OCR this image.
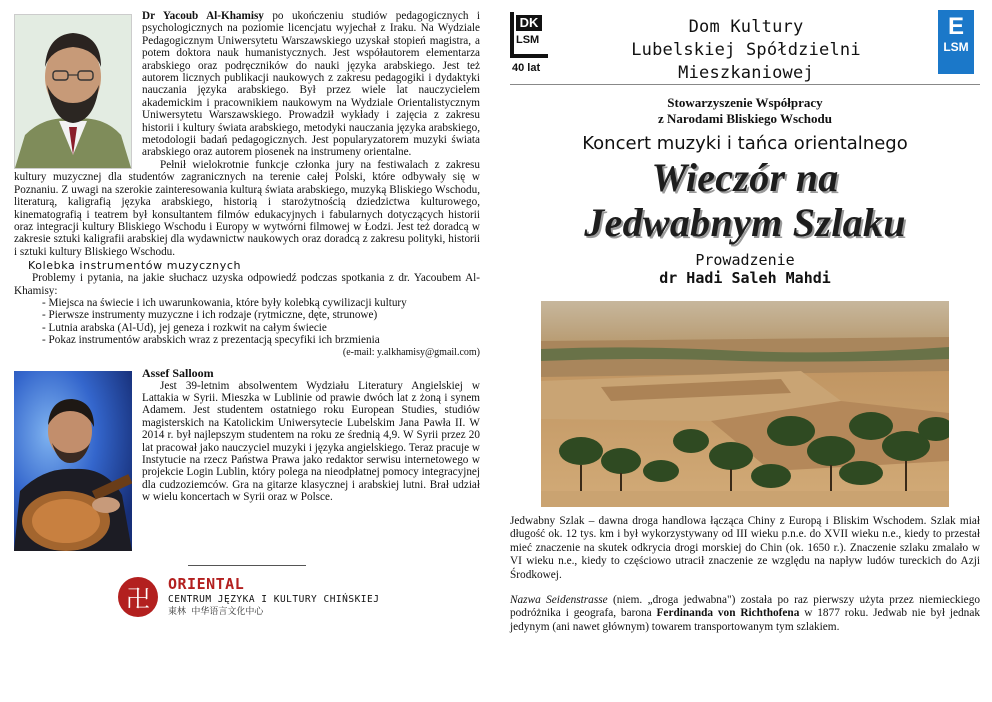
Dr Yacoub Al-Khamisy po ukończeniu studiów pedagogicznych i psychologicznych na poziomie licencjatu wyjechał z Iraku. Na Wydziale Pedagogicznym Uniwersytetu Warszawskiego uzyskał stopień magistra, a potem doktora nauk humanistycznych. Jest współautorem elementarza arabskiego oraz podręczników do nauki języka arabskiego. Jest też autorem licznych publikacji naukowych z zakresu pedagogiki i dydaktyki nauczania języka arabskiego. Był przez wiele lat nauczycielem akademickim i pracownikiem naukowym na Wydziale Orientalistycznym Uniwersytetu Warszawskiego. Prowadził wykłady i zajęcia z zakresu historii i kultury świata arabskiego, metodyki nauczania języka arabskiego, metodologii badań pedagogicznych. Jest popularyzatorem muzyki świata arabskiego oraz autorem piosenek na instrumeny orientalne.

Pełnił wielokrotnie funkcje członka jury na festiwalach z zakresu kultury muzycznej dla studentów zagranicznych na terenie całej Polski, które odbywały się w Poznaniu. Z uwagi na szerokie zainteresowania kulturą świata arabskiego, muzyką Bliskiego Wschodu, literaturą, kaligrafią języka arabskiego, historią i starożytnością dziedzictwa kulturowego, kinematografią i teatrem był konsultantem filmów edukacyjnych i fabularnych dotyczących historii oraz integracji kultury Bliskiego Wschodu i Europy w wytwórni filmowej w Łodzi. Jest też doradcą w zakresie sztuki kaligrafii arabskiej dla wydawnictw naukowych oraz doradcą z zakresu polityki, historii i sztuki kultury Bliskiego Wschodu.

Kolebka instrumentów muzycznych

Problemy i pytania, na jakie słuchacz uzyska odpowiedź podczas spotkania z dr. Yacoubem Al-Khamisy:

- Miejsca na świecie i ich uwarunkowania, które były kolebką cywilizacji kultury
- Pierwsze instrumenty muzyczne i ich rodzaje (rytmiczne, dęte, strunowe)
- Lutnia arabska (Al-Ud), jej geneza i rozkwit na całym świecie
- Pokaz instrumentów arabskich wraz z prezentacją specyfiki ich brzmienia
(e-mail: y.alkhamisy@gmail.com)
Assef Salloom

Jest 39-letnim absolwentem Wydziału Literatury Angielskiej w Lattakia w Syrii. Mieszka w Lublinie od prawie dwóch lat z żoną i synem Adamem. Jest studentem ostatniego roku European Studies, studiów magisterskich na Katolickim Uniwersytecie Lubelskim Jana Pawła II. W 2014 r. był najlepszym studentem na roku ze średnią 4,9. W Syrii przez 20 lat pracował jako nauczyciel muzyki i języka angielskiego. Teraz pracuje w Instytucie na rzecz Państwa Prawa jako redaktor serwisu internetowego w projekcie Login Lublin, który polega na nieodpłatnej pomocy integracyjnej dla cudzoziemców. Gra na gitarze klasycznej i arabskiej lutni. Brał udział w wielu koncertach w Syrii oraz w Polsce.

卍
ORIENTAL
CENTRUM JĘZYKA I KULTURY CHIŃSKIEJ
東林 中华语言文化中心
DK
LSM
40 lat
Dom Kultury
Lubelskiej Spółdzielni Mieszkaniowej
E
LSM
Stowarzyszenie Współpracy
z Narodami Bliskiego Wschodu
Koncert muzyki i tańca orientalnego
Wieczór na
Jedwabnym Szlaku
Prowadzenie
dr Hadi Saleh Mahdi

Jedwabny Szlak – dawna droga handlowa łącząca Chiny z Europą i Bliskim Wschodem. Szlak miał długość ok. 12 tys. km i był wykorzystywany od III wieku p.n.e. do XVII wieku n.e., kiedy to przestał mieć znaczenie na skutek odkrycia drogi morskiej do Chin (ok. 1650 r.). Znaczenie szlaku zmalało w VI wieku n.e., kiedy to częściowo utracił znaczenie ze względu na napływ ludów tureckich do Azji Środkowej.

Nazwa Seidenstrasse (niem. „droga jedwabna") została po raz pierwszy użyta przez niemieckiego podróżnika i geografa, barona Ferdinanda von Richthofena w 1877 roku. Jedwab nie był jednak jedynym (ani nawet głównym) towarem transportowanym tym szlakiem.
